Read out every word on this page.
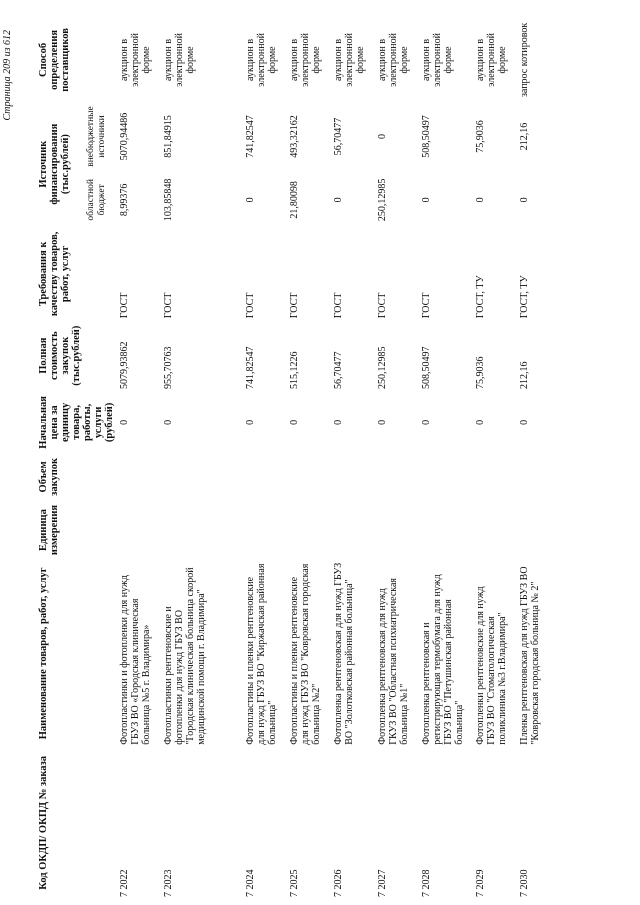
Страница 209 из 612
Код ОКДП/ ОКПД № заказа	Наименование товаров, работ, услуг	Единица измерения	Объем закупок	Начальная цена за единицу товара, работы, услуги (рублей)	Полная стоимость закупок (тыс.рублей)	Требования к качеству товаров, работ, услуг	Источник финансирования (тыс.рублей)		Способ определения поставщиков
							областной бюджет	внебюджетные источники	
7 2022	Фотопластинки и фотопленки для нужд ГБУЗ ВО «Городская клиническая больница №5 г. Владимира»			0	5079,93862	ГОСТ	8,99376	5070,94486	аукцион в электронной форме
7 2023	Фотопластинки рентгеновские и фотопленки для нужд ГБУЗ ВО "Городская клиническая больница скорой медицинской помощи г. Владимира"			0	955,70763	ГОСТ	103,85848	851,84915	аукцион в электронной форме
7 2024	Фотопластины и пленки рентгеновские для нужд ГБУЗ ВО "Киржачская районная больница"			0	741,82547	ГОСТ	0	741,82547	аукцион в электронной форме
7 2025	Фотопластины и пленки рентгеновские для нужд ГБУЗ ВО "Ковровская городская больница №2"			0	515,1226	ГОСТ	21,80098	493,32162	аукцион в электронной форме
7 2026	Фотопленка рентгеновская для нужд ГБУЗ ВО "Золотковская районная больница"			0	56,70477	ГОСТ	0	56,70477	аукцион в электронной форме
7 2027	Фотопленка рентгеновская для нужд ГКУЗ ВО "Областная психиатрическая больница №1"			0	250,12985	ГОСТ	250,12985	0	аукцион в электронной форме
7 2028	Фотопленка рентгеновская и регистрирующая термобумага для нужд ГБУЗ ВО "Петушинская районная больница"			0	508,50497	ГОСТ	0	508,50497	аукцион в электронной форме
7 2029	Фотопленки рентгеновские для нужд ГБУЗ ВО "Стоматологическая поликлиника №3 г.Владимира"			0	75,9036	ГОСТ, ТУ	0	75,9036	аукцион в электронной форме
7 2030	Пленка рентгеновская для нужд ГБУЗ ВО "Ковровская городская больница № 2"			0	212,16	ГОСТ, ТУ	0	212,16	запрос котировок
